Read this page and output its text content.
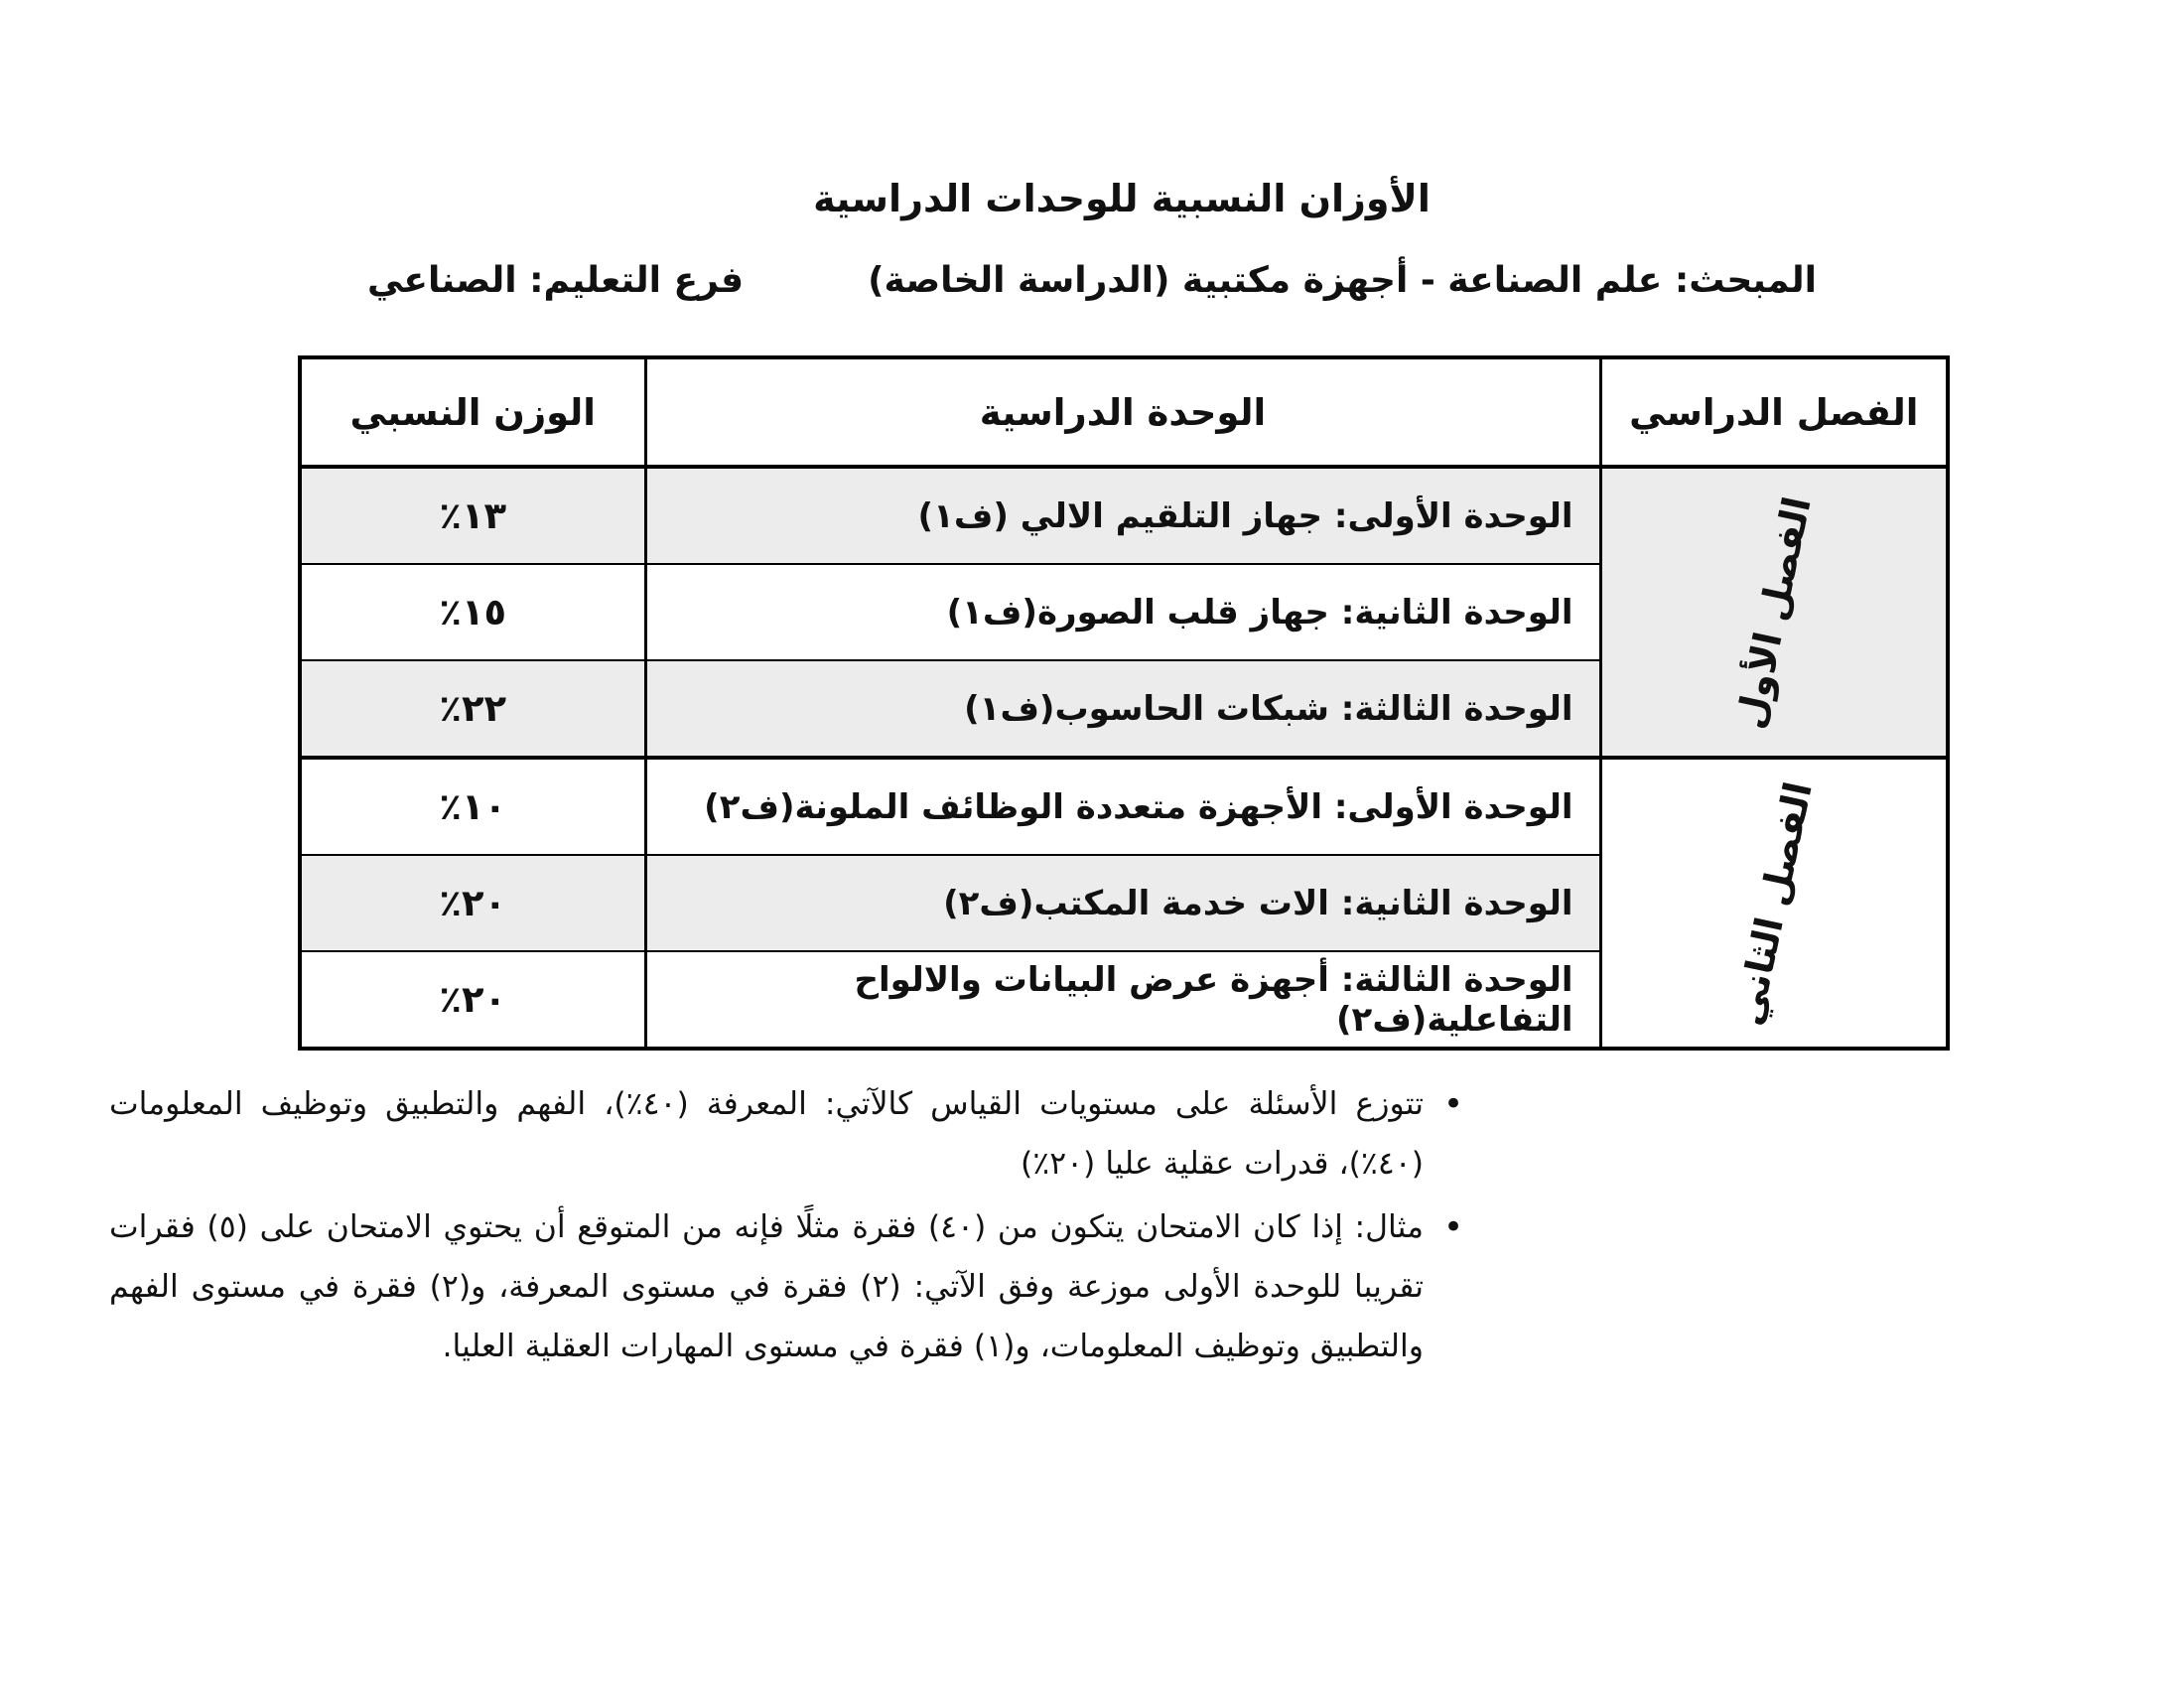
الأوزان النسبية للوحدات الدراسية
المبحث: علم الصناعة - أجهزة مكتبية (الدراسة الخاصة)
فرع التعليم: الصناعي
الفصل الدراسي	الوحدة الدراسية	الوزن النسبي
الفصل الأول	الوحدة الأولى: جهاز التلقيم الالي (ف١)	١٣٪
	الوحدة الثانية: جهاز قلب الصورة(ف١)	١٥٪
	الوحدة الثالثة: شبكات الحاسوب(ف١)	٢٢٪
الفصل الثاني	الوحدة الأولى: الأجهزة متعددة الوظائف الملونة(ف٢)	١٠٪
	الوحدة الثانية: الات خدمة المكتب(ف٢)	٢٠٪
	الوحدة الثالثة: أجهزة عرض البيانات والالواح التفاعلية(ف٢)	٢٠٪
• تتوزع الأسئلة على مستويات القياس كالآتي: المعرفة (٤٠٪)، الفهم والتطبيق وتوظيف المعلومات (٤٠٪)، قدرات عقلية عليا (٢٠٪)
• مثال: إذا كان الامتحان يتكون من (٤٠) فقرة مثلًا فإنه من المتوقع أن يحتوي الامتحان على (٥) فقرات تقريبا للوحدة الأولى موزعة وفق الآتي: (٢) فقرة في مستوى المعرفة، و(٢) فقرة في مستوى الفهم والتطبيق وتوظيف المعلومات، و(١) فقرة في مستوى المهارات العقلية العليا.
